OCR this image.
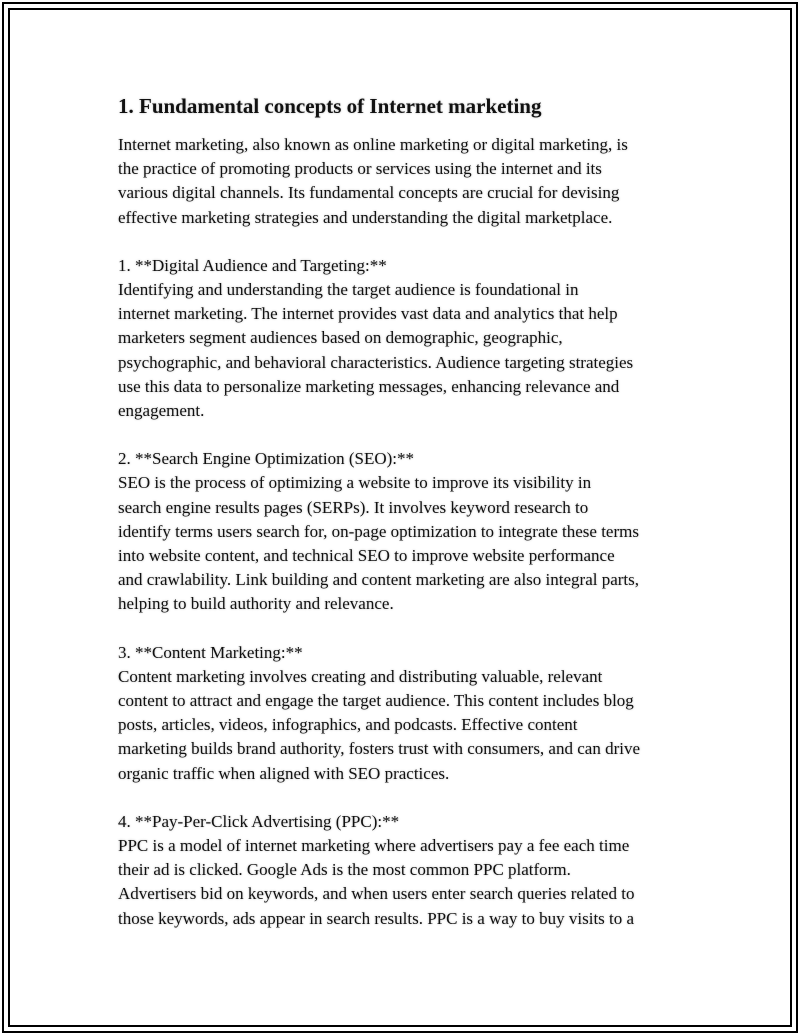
1. Fundamental concepts of Internet marketing

Internet marketing, also known as online marketing or digital marketing, is
the practice of promoting products or services using the internet and its
various digital channels. Its fundamental concepts are crucial for devising
effective marketing strategies and understanding the digital marketplace.

1. **Digital Audience and Targeting:**

Identifying and understanding the target audience is foundational in
internet marketing. The internet provides vast data and analytics that help
marketers segment audiences based on demographic, geographic,
psychographic, and behavioral characteristics. Audience targeting strategies
use this data to personalize marketing messages, enhancing relevance and
engagement.

2. **Search Engine Optimization (SEO):**

SEO is the process of optimizing a website to improve its visibility in
search engine results pages (SERPs). It involves keyword research to
identify terms users search for, on-page optimization to integrate these terms
into website content, and technical SEO to improve website performance
and crawlability. Link building and content marketing are also integral parts,
helping to build authority and relevance.

3. **Content Marketing:**

Content marketing involves creating and distributing valuable, relevant
content to attract and engage the target audience. This content includes blog
posts, articles, videos, infographics, and podcasts. Effective content
marketing builds brand authority, fosters trust with consumers, and can drive
organic traffic when aligned with SEO practices.

4. **Pay-Per-Click Advertising (PPC):**

PPC is a model of internet marketing where advertisers pay a fee each time
their ad is clicked. Google Ads is the most common PPC platform.
Advertisers bid on keywords, and when users enter search queries related to
those keywords, ads appear in search results. PPC is a way to buy visits to a
